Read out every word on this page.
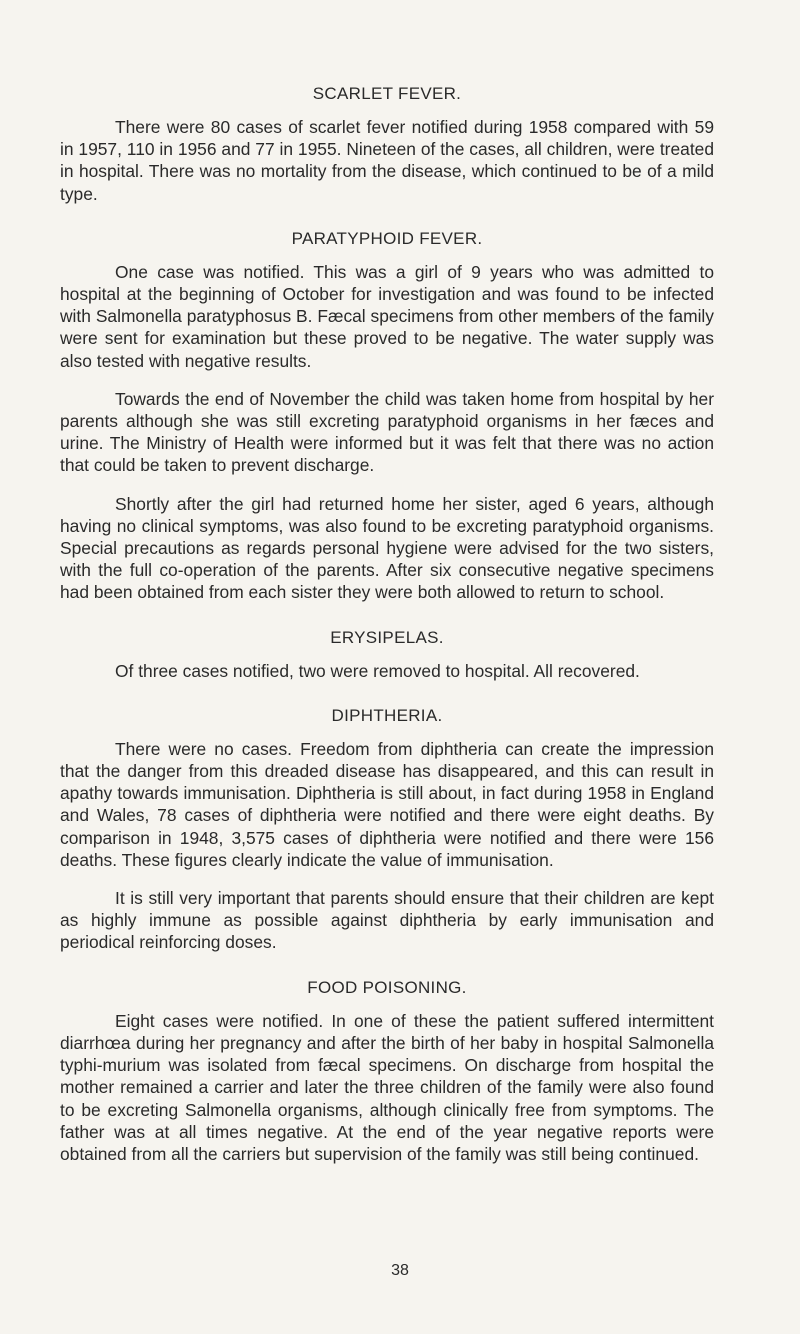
SCARLET FEVER.

There were 80 cases of scarlet fever notified during 1958 compared with 59 in 1957, 110 in 1956 and 77 in 1955. Nineteen of the cases, all children, were treated in hospital. There was no mortality from the disease, which continued to be of a mild type.

PARATYPHOID FEVER.

One case was notified. This was a girl of 9 years who was admitted to hospital at the beginning of October for investigation and was found to be infected with Salmonella paratyphosus B. Fæcal specimens from other members of the family were sent for examination but these proved to be negative. The water supply was also tested with negative results.

Towards the end of November the child was taken home from hospital by her parents although she was still excreting paratyphoid organisms in her fæces and urine. The Ministry of Health were informed but it was felt that there was no action that could be taken to prevent discharge.

Shortly after the girl had returned home her sister, aged 6 years, although having no clinical symptoms, was also found to be excreting paratyphoid organisms. Special precautions as regards personal hygiene were advised for the two sisters, with the full co-operation of the parents. After six consecutive negative specimens had been obtained from each sister they were both allowed to return to school.

ERYSIPELAS.

Of three cases notified, two were removed to hospital. All recovered.

DIPHTHERIA.

There were no cases. Freedom from diphtheria can create the impression that the danger from this dreaded disease has disappeared, and this can result in apathy towards immunisation. Diphtheria is still about, in fact during 1958 in England and Wales, 78 cases of diphtheria were notified and there were eight deaths. By comparison in 1948, 3,575 cases of diphtheria were notified and there were 156 deaths. These figures clearly indicate the value of immunisation.

It is still very important that parents should ensure that their children are kept as highly immune as possible against diphtheria by early immunisation and periodical reinforcing doses.

FOOD POISONING.

Eight cases were notified. In one of these the patient suffered intermittent diarrhœa during her pregnancy and after the birth of her baby in hospital Salmonella typhi-murium was isolated from fæcal specimens. On discharge from hospital the mother remained a carrier and later the three children of the family were also found to be excreting Salmonella organisms, although clinically free from symptoms. The father was at all times negative. At the end of the year negative reports were obtained from all the carriers but supervision of the family was still being continued.

38
